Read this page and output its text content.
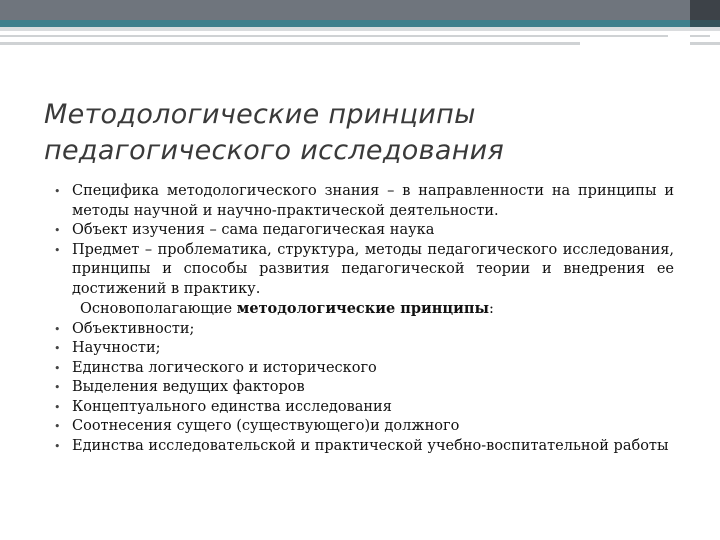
Методологические принципы
педагогического исследования
• Специфика методологического знания – в направленности на принципы и методы научной и научно-практической деятельности.
• Объект изучения – сама педагогическая наука
• Предмет – проблематика, структура, методы педагогического исследования, принципы и способы развития педагогической теории и внедрения ее достижений в практику.
Основополагающие методологические принципы:
• Объективности;
• Научности;
• Единства логического и исторического
• Выделения ведущих факторов
• Концептуального единства исследования
• Соотнесения сущего (существующего)и должного
• Единства исследовательской и практической учебно-воспитательной работы
